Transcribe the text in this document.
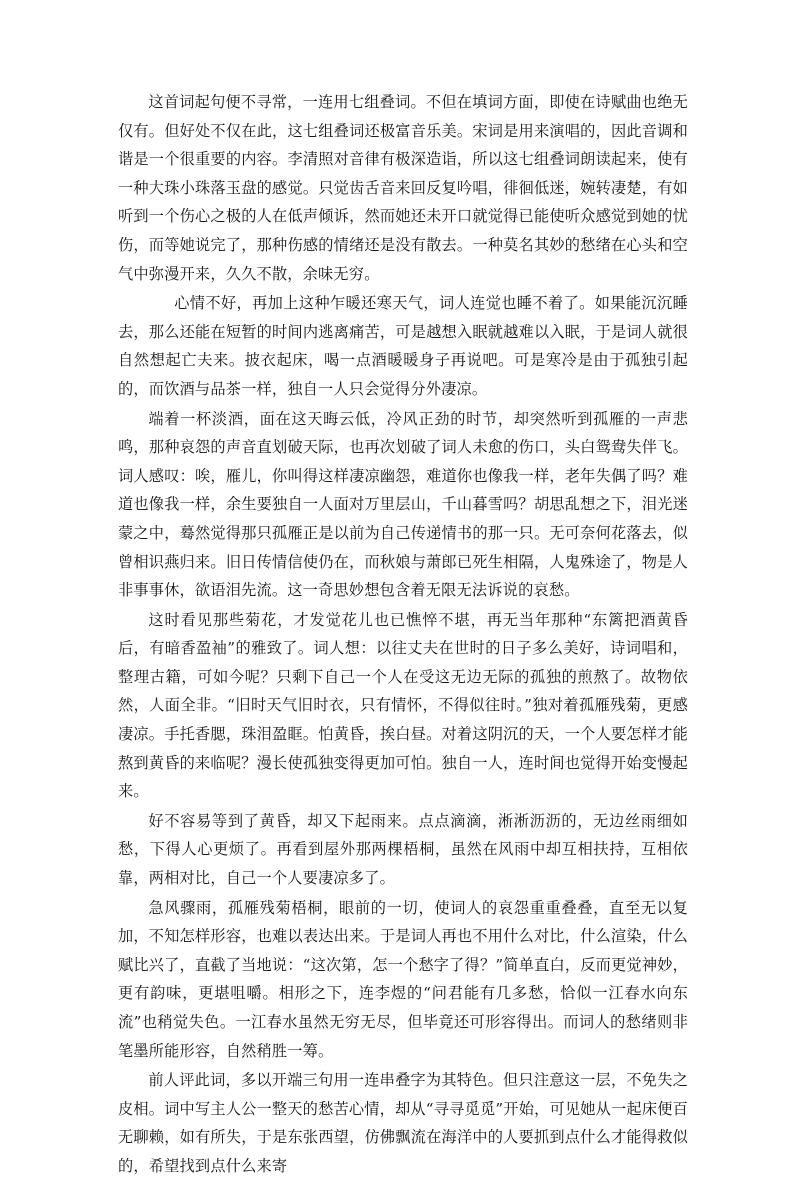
这首词起句便不寻常，一连用七组叠词。不但在填词方面，即使在诗赋曲也绝无仅有。但好处不仅在此，这七组叠词还极富音乐美。宋词是用来演唱的，因此音调和谐是一个很重要的内容。李清照对音律有极深造诣，所以这七组叠词朗读起来，使有一种大珠小珠落玉盘的感觉。只觉齿舌音来回反复吟唱，徘徊低迷，婉转凄楚，有如听到一个伤心之极的人在低声倾诉，然而她还未开口就觉得已能使听众感觉到她的忧伤，而等她说完了，那种伤感的情绪还是没有散去。一种莫名其妙的愁绪在心头和空气中弥漫开来，久久不散，余味无穷。

心情不好，再加上这种乍暖还寒天气，词人连觉也睡不着了。如果能沉沉睡去，那么还能在短暂的时间内逃离痛苦，可是越想入眠就越难以入眠，于是词人就很自然想起亡夫来。披衣起床，喝一点酒暖暖身子再说吧。可是寒冷是由于孤独引起的，而饮酒与品茶一样，独自一人只会觉得分外凄凉。

端着一杯淡酒，面在这天晦云低，冷风正劲的时节，却突然听到孤雁的一声悲鸣，那种哀怨的声音直划破天际，也再次划破了词人未愈的伤口，头白鸳鸯失伴飞。词人感叹：唉，雁儿，你叫得这样凄凉幽怨，难道你也像我一样，老年失偶了吗？难道也像我一样，余生要独自一人面对万里层山，千山暮雪吗？胡思乱想之下，泪光迷蒙之中，蓦然觉得那只孤雁正是以前为自己传递情书的那一只。无可奈何花落去，似曾相识燕归来。旧日传情信使仍在，而秋娘与萧郎已死生相隔，人鬼殊途了，物是人非事事休，欲语泪先流。这一奇思妙想包含着无限无法诉说的哀愁。

这时看见那些菊花，才发觉花儿也已憔悴不堪，再无当年那种“东篱把酒黄昏后，有暗香盈袖”的雅致了。词人想：以往丈夫在世时的日子多么美好，诗词唱和，整理古籍，可如今呢？只剩下自己一个人在受这无边无际的孤独的煎熬了。故物依然，人面全非。“旧时天气旧时衣，只有情怀，不得似往时。”独对着孤雁残菊，更感凄凉。手托香腮，珠泪盈眶。怕黄昏，挨白昼。对着这阴沉的天，一个人要怎样才能熬到黄昏的来临呢？漫长使孤独变得更加可怕。独自一人，连时间也觉得开始变慢起来。

好不容易等到了黄昏，却又下起雨来。点点滴滴，淅淅沥沥的，无边丝雨细如愁，下得人心更烦了。再看到屋外那两棵梧桐，虽然在风雨中却互相扶持，互相依靠，两相对比，自己一个人要凄凉多了。

急风骤雨，孤雁残菊梧桐，眼前的一切，使词人的哀怨重重叠叠，直至无以复加，不知怎样形容，也难以表达出来。于是词人再也不用什么对比，什么渲染，什么赋比兴了，直截了当地说：“这次第，怎一个愁字了得？”简单直白，反而更觉神妙，更有韵味，更堪咀嚼。相形之下，连李煜的“问君能有几多愁，恰似一江春水向东流”也稍觉失色。一江春水虽然无穷无尽，但毕竟还可形容得出。而词人的愁绪则非笔墨所能形容，自然稍胜一筹。

前人评此词，多以开端三句用一连串叠字为其特色。但只注意这一层，不免失之皮相。词中写主人公一整天的愁苦心情，却从“寻寻觅觅”开始，可见她从一起床便百无聊赖，如有所失，于是东张西望，仿佛飘流在海洋中的人要抓到点什么才能得救似的，希望找到点什么来寄
